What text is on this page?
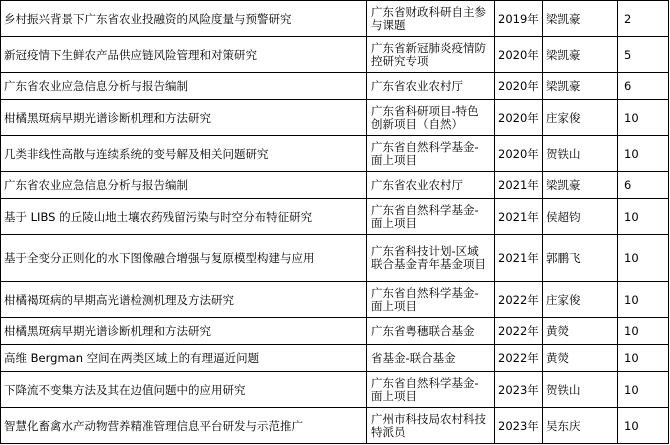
乡村振兴背景下广东省农业投融资的风险度量与预警研究	广东省财政科研自主参与课题	2019年	梁凯豪	2
新冠疫情下生鲜农产品供应链风险管理和对策研究	广东省新冠肺炎疫情防控研究专项	2020年	梁凯豪	5
广东省农业应急信息分析与报告编制	广东省农业农村厅	2020年	梁凯豪	6
柑橘黑斑病早期光谱诊断机理和方法研究	广东省科研项目-特色创新项目（自然）	2020年	庄家俊	10
几类非线性高散与连续系统的变号解及相关问题研究	广东省自然科学基金-面上项目	2020年	贺铁山	10
广东省农业应急信息分析与报告编制	广东省农业农村厅	2021年	梁凯豪	6
基于 LIBS 的丘陵山地土壤农药残留污染与时空分布特征研究	广东省自然科学基金-面上项目	2021年	侯超钧	10
基于全变分正则化的水下图像融合增强与复原模型构建与应用	广东省科技计划-区域联合基金青年基金项目	2021年	郭鹏飞	10
柑橘褐斑病的早期高光谱检测机理及方法研究	广东省自然科学基金-面上项目	2022年	庄家俊	10
柑橘黑斑病早期光谱诊断机理和方法研究	广东省粤穗联合基金	2022年	黄熒	10
高维 Bergman 空间在两类区域上的有理逼近问题	省基金-联合基金	2022年	黄熒	10
下降流不变集方法及其在边值问题中的应用研究	广东省自然科学基金-面上项目	2023年	贺铁山	10
智慧化畜禽水产动物营养精准管理信息平台研发与示范推广	广州市科技局农村科技特派员	2023年	吴东庆	10
